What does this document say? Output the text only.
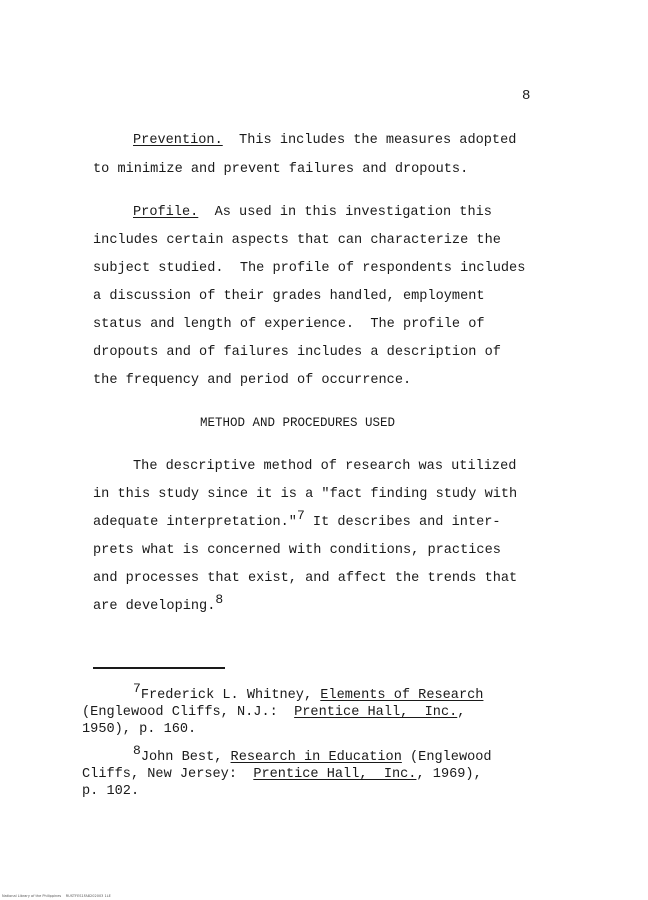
8
Prevention.  This includes the measures adopted
to minimize and prevent failures and dropouts.
Profile.  As used in this investigation this
includes certain aspects that can characterize the
subject studied.  The profile of respondents includes
a discussion of their grades handled, employment
status and length of experience.  The profile of
dropouts and of failures includes a description of
the frequency and period of occurrence.
METHOD AND PROCEDURES USED
The descriptive method of research was utilized
in this study since it is a "fact finding study with
adequate interpretation."$^7$ It describes and inter-
prets what is concerned with conditions, practices
and processes that exist, and affect the trends that
are developing.$^8$
$^7$Frederick L. Whitney, Elements of Research
(Englewood Cliffs, N.J.:  Prentice Hall,  Inc.,
1950), p. 160.
$^8$John Best, Research in Education (Englewood
Cliffs, New Jersey:  Prentice Hall,  Inc., 1969),
p. 102.
National Library of the Philippines    RUSTFES1FA8202003 1LE
